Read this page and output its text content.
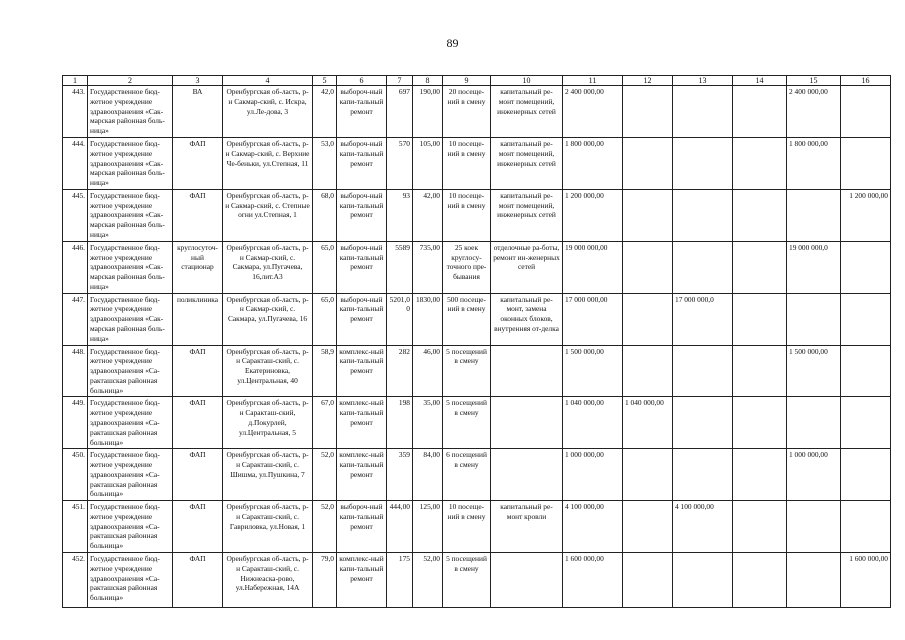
89
1	2	3	4	5	6	7	8	9	10	11	12	13	14	15	16
443.	Государственное бюд-жетное учреждение здравоохранения «Сак-марская районная боль-ница»	ВА	Оренбургская об-ласть, р-н Сакмар-ский, с. Искра, ул.Ле-дова, 3	42,0	выбороч-ный капи-тальный ремонт	697	190,00	20 посеще-ний в смену	капитальный ре-монт помещений, инженерных сетей	2 400 000,00				2 400 000,00	
444.	Государственное бюд-жетное учреждение здравоохранения «Сак-марская районная боль-ница»	ФАП	Оренбургская об-ласть, р-н Сакмар-ский, с. Верхние Че-беньки, ул.Степная, 11	53,0	выбороч-ный капи-тальный ремонт	570	105,00	10 посеще-ний в смену	капитальный ре-монт помещений, инженерных сетей	1 800 000,00				1 800 000,00	
445.	Государственное бюд-жетное учреждение здравоохранения «Сак-марская районная боль-ница»	ФАП	Оренбургская об-ласть, р-н Сакмар-ский, с. Степные огни ул.Степная, 1	68,0	выбороч-ный капи-тальный ремонт	93	42,00	10 посеще-ний в смену	капитальный ре-монт помещений, инженерных сетей	1 200 000,00					1 200 000,00
446.	Государственное бюд-жетное учреждение здравоохранения «Сак-марская районная боль-ница»	круглосуточ-ный стационар	Оренбургская об-ласть, р-н Сакмар-ский, с. Сакмара, ул.Пугачева, 16,лит.А3	65,0	выбороч-ный капи-тальный ремонт	5589	735,00	25 коек круглосу-точного пре-бывания	отделочные ра-боты, ремонт ин-женерных сетей	19 000 000,00				19 000 000,0	
447.	Государственное бюд-жетное учреждение здравоохранения «Сак-марская районная боль-ница»	поликлиника	Оренбургская об-ласть, р-н Сакмар-ский, с. Сакмара, ул.Пугачева, 16	65,0	выбороч-ный капи-тальный ремонт	5201,00	1830,00	500 посеще-ний в смену	капитальный ре-монт, замена оконных блоков, внутренняя от-делка	17 000 000,00		17 000 000,0			
448.	Государственное бюд-жетное учреждение здравоохранения «Са-ракташская районная больница»	ФАП	Оренбургская об-ласть, р-н Саракташ-ский, с. Екатериновка, ул.Центральная, 40	58,9	комплекс-ный капи-тальный ремонт	282	46,00	5 посещений в смену		1 500 000,00				1 500 000,00	
449.	Государственное бюд-жетное учреждение здравоохранения «Са-ракташская районная больница»	ФАП	Оренбургская об-ласть, р-н Саракташ-ский, д.Покурлей, ул.Центральная, 5	67,0	комплекс-ный капи-тальный ремонт	198	35,00	5 посещений в смену		1 040 000,00	1 040 000,00				
450.	Государственное бюд-жетное учреждение здравоохранения «Са-ракташская районная больница»	ФАП	Оренбургская об-ласть, р-н Саракташ-ский, с. Шишма, ул.Пушкина, 7	52,0	комплекс-ный капи-тальный ремонт	359	84,00	6 посещений в смену		1 000 000,00				1 000 000,00	
451.	Государственное бюд-жетное учреждение здравоохранения «Са-ракташская районная больница»	ФАП	Оренбургская об-ласть, р-н Саракташ-ский, с. Гавриловка, ул.Новая, 1	52,0	выбороч-ный капи-тальный ремонт	444,00	125,00	10 посеще-ний в смену	капитальный ре-монт кровли	4 100 000,00		4 100 000,00			
452.	Государственное бюд-жетное учреждение здравоохранения «Са-ракташская районная больница»	ФАП	Оренбургская об-ласть, р-н Саракташ-ский, с. Нижнеаска-рово, ул.Набережная, 14А	79,0	комплекс-ный капи-тальный ремонт	175	52,00	5 посещений в смену		1 600 000,00					1 600 000,00
